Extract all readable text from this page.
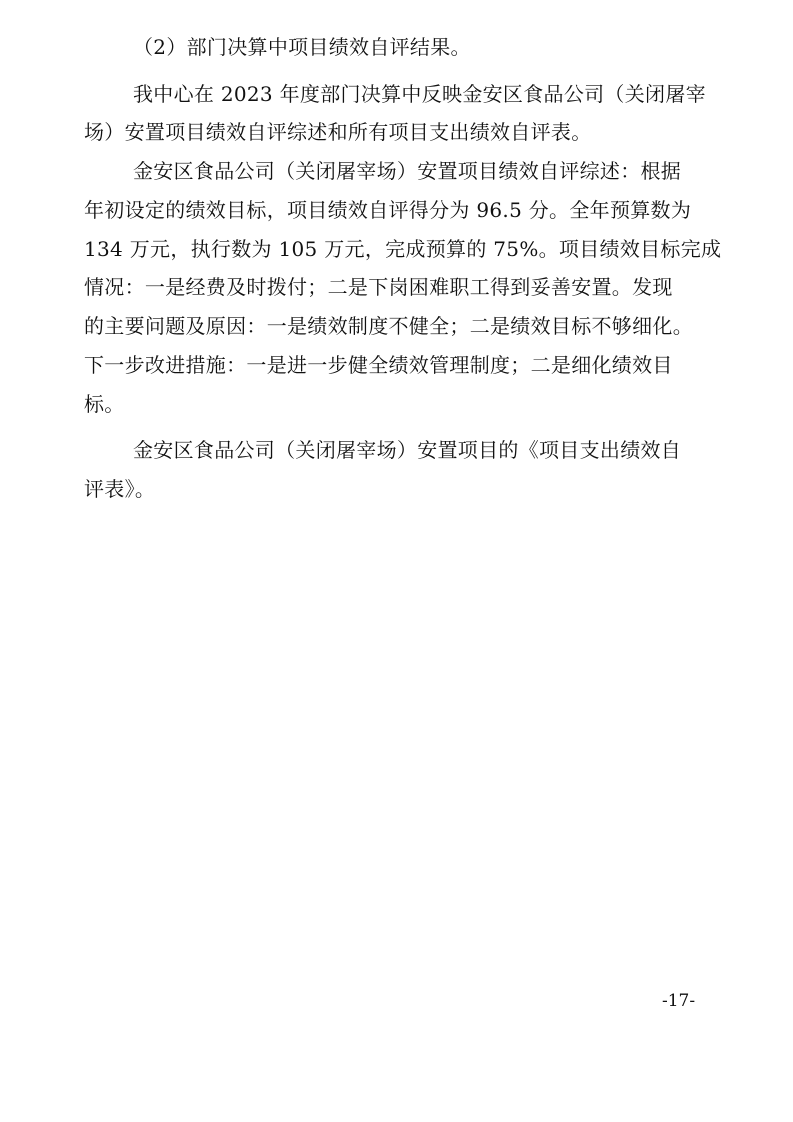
（2）部门决算中项目绩效自评结果。
我中心在 2023 年度部门决算中反映金安区食品公司（关闭屠宰
场）安置项目绩效自评综述和所有项目支出绩效自评表。
金安区食品公司（关闭屠宰场）安置项目绩效自评综述：根据
年初设定的绩效目标，项目绩效自评得分为 96.5 分。全年预算数为
134 万元，执行数为 105 万元，完成预算的 75%。项目绩效目标完成
情况：一是经费及时拨付；二是下岗困难职工得到妥善安置。发现
的主要问题及原因：一是绩效制度不健全；二是绩效目标不够细化。
下一步改进措施：一是进一步健全绩效管理制度；二是细化绩效目
标。
金安区食品公司（关闭屠宰场）安置项目的《项目支出绩效自
评表》。
-17-
